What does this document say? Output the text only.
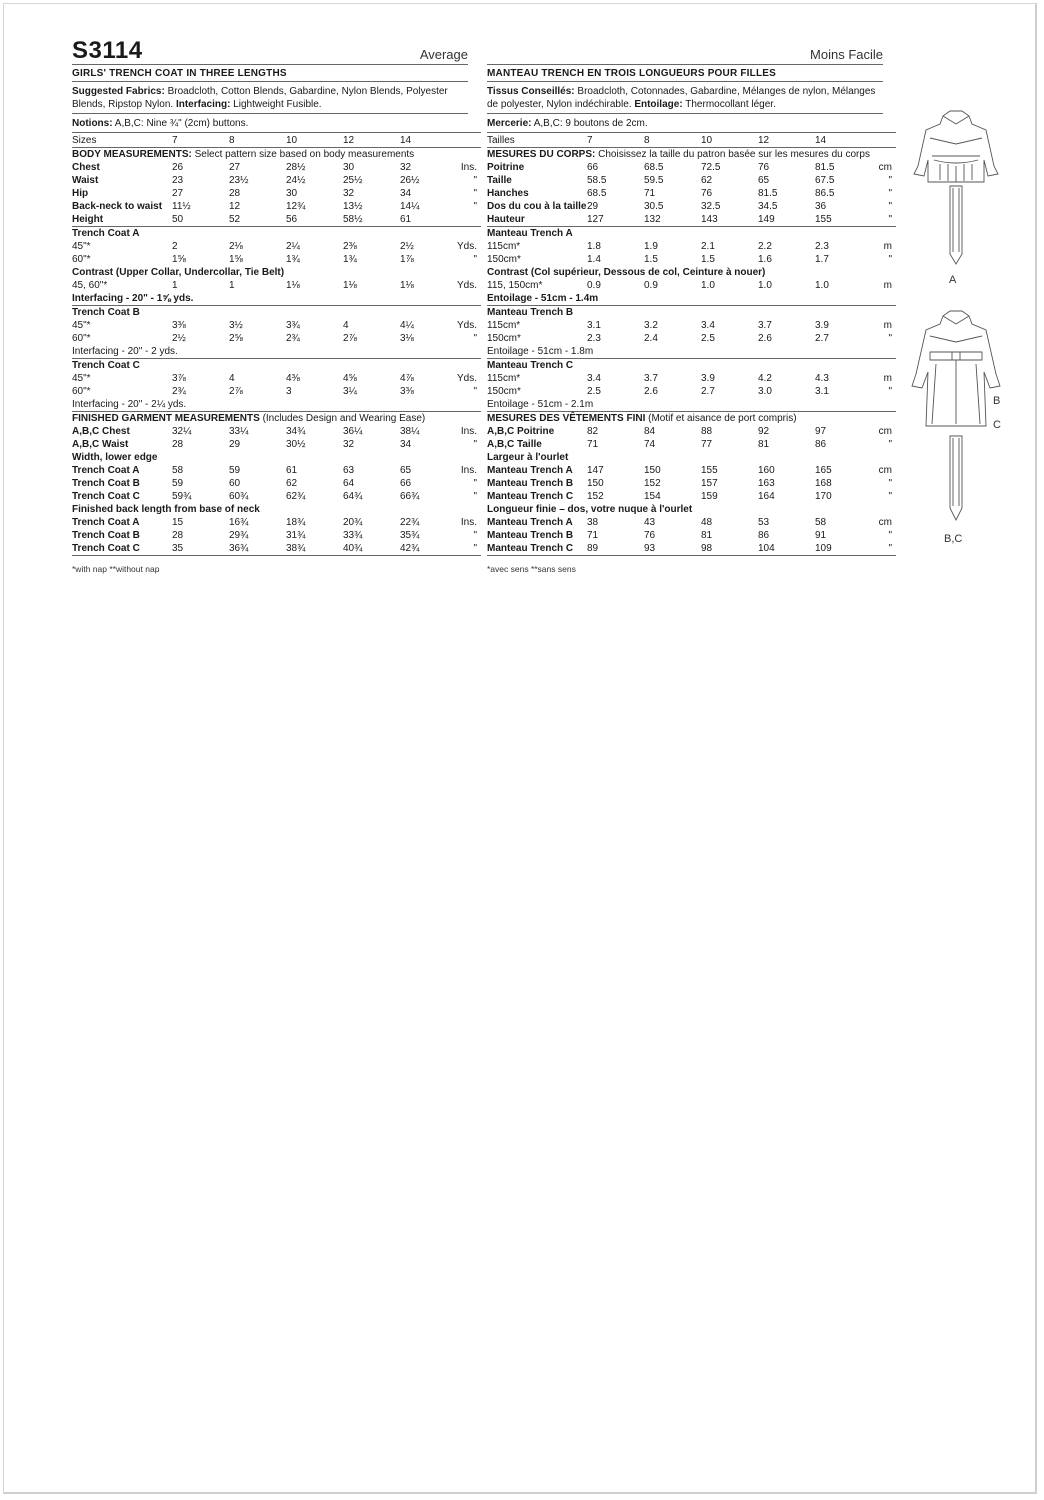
S3114	Average
GIRLS' TRENCH COAT IN THREE LENGTHS
Suggested Fabrics: Broadcloth, Cotton Blends, Gabardine, Nylon Blends, Polyester Blends, Ripstop Nylon. Interfacing: Lightweight Fusible.
Notions: A,B,C: Nine ¾" (2cm) buttons.
Sizes	7	8	10	12	14	
BODY MEASUREMENTS: Select pattern size based on body measurements						
Chest	26	27	28½	30	32	Ins.
Waist	23	23½	24½	25½	26½	"
Hip	27	28	30	32	34	"
Back-neck to waist	11½	12	12¾	13½	14¼	"
Height	50	52	56	58½	61	
Trench Coat A						
45"*	2	2⅛	2¼	2⅜	2½	Yds.
60"*	1⅝	1⅝	1¾	1¾	1⅞	"
Contrast (Upper Collar, Undercollar, Tie Belt)						
45, 60"*	1	1	1⅛	1⅛	1⅛	Yds.
Interfacing - 20" - 1⅝ yds.						
Trench Coat B						
45"*	3⅜	3½	3¾	4	4¼	Yds.
60"*	2½	2⅝	2¾	2⅞	3⅛	"
Interfacing - 20" - 2 yds.						
Trench Coat C						
45"*	3⅞	4	4⅜	4⅝	4⅞	Yds.
60"*	2¾	2⅞	3	3¼	3⅜	"
Interfacing - 20" - 2¼ yds.						
FINISHED GARMENT MEASUREMENTS (Includes Design and Wearing Ease)						
A,B,C Chest	32¼	33¼	34¾	36¼	38¼	Ins.
A,B,C Waist	28	29	30½	32	34	"
Width, lower edge						
Trench Coat A	58	59	61	63	65	Ins.
Trench Coat B	59	60	62	64	66	"
Trench Coat C	59¾	60¾	62¾	64¾	66¾	"
Finished back length from base of neck						
Trench Coat A	15	16¾	18¾	20¾	22¾	Ins.
Trench Coat B	28	29¾	31¾	33¾	35¾	"
Trench Coat C	35	36¾	38¾	40¾	42¾	"
*with nap **without nap
Moins Facile
MANTEAU TRENCH EN TROIS LONGUEURS POUR FILLES
Tissus Conseillés: Broadcloth, Cotonnades, Gabardine, Mélanges de nylon, Mélanges de polyester, Nylon indéchirable. Entoilage: Thermocollant léger.
Mercerie: A,B,C: 9 boutons de 2cm.
Tailles	7	8	10	12	14	
MESURES DU CORPS: Choisissez la taille du patron basée sur les mesures du corps						
Poitrine	66	68.5	72.5	76	81.5	cm
Taille	58.5	59.5	62	65	67.5	"
Hanches	68.5	71	76	81.5	86.5	"
Dos du cou à la taille	29	30.5	32.5	34.5	36	"
Hauteur	127	132	143	149	155	"
Manteau Trench A						
115cm*	1.8	1.9	2.1	2.2	2.3	m
150cm*	1.4	1.5	1.5	1.6	1.7	"
Contrast (Col supérieur, Dessous de col, Ceinture à nouer)						
115, 150cm*	0.9	0.9	1.0	1.0	1.0	m
Entoilage - 51cm - 1.4m						
Manteau Trench B						
115cm*	3.1	3.2	3.4	3.7	3.9	m
150cm*	2.3	2.4	2.5	2.6	2.7	"
Entoilage - 51cm - 1.8m						
Manteau Trench C						
115cm*	3.4	3.7	3.9	4.2	4.3	m
150cm*	2.5	2.6	2.7	3.0	3.1	"
Entoilage - 51cm - 2.1m						
MESURES DES VÊTEMENTS FINI (Motif et aisance de port compris)						
A,B,C Poitrine	82	84	88	92	97	cm
A,B,C Taille	71	74	77	81	86	"
Largeur à l'ourlet						
Manteau Trench A	147	150	155	160	165	cm
Manteau Trench B	150	152	157	163	168	"
Manteau Trench C	152	154	159	164	170	"
Longueur finie – dos, votre nuque à l'ourlet						
Manteau Trench A	38	43	48	53	58	cm
Manteau Trench B	71	76	81	86	91	"
Manteau Trench C	89	93	98	104	109	"
*avec sens **sans sens
A
B
C
B,C
